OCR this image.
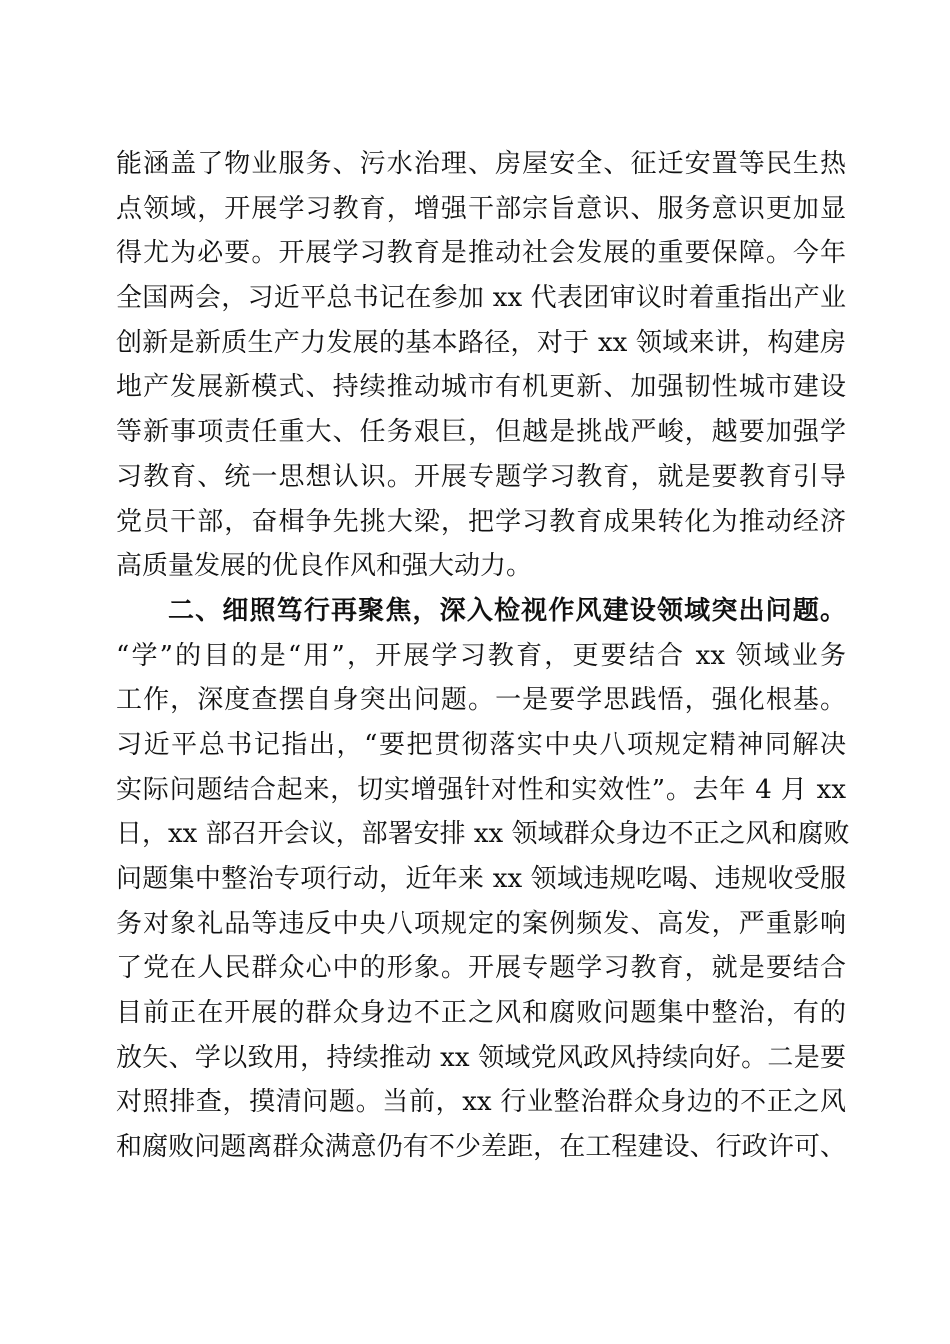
能涵盖了物业服务、污水治理、房屋安全、征迁安置等民生热
点领域，开展学习教育，增强干部宗旨意识、服务意识更加显
得尤为必要。开展学习教育是推动社会发展的重要保障。今年
全国两会，习近平总书记在参加 xx 代表团审议时着重指出产业
创新是新质生产力发展的基本路径，对于 xx 领域来讲，构建房
地产发展新模式、持续推动城市有机更新、加强韧性城市建设
等新事项责任重大、任务艰巨，但越是挑战严峻，越要加强学
习教育、统一思想认识。开展专题学习教育，就是要教育引导
党员干部，奋楫争先挑大梁，把学习教育成果转化为推动经济
高质量发展的优良作风和强大动力。
二、细照笃行再聚焦，深入检视作风建设领域突出问题。
“学”的目的是“用”，开展学习教育，更要结合 xx 领域业务
工作，深度查摆自身突出问题。一是要学思践悟，强化根基。
习近平总书记指出，“要把贯彻落实中央八项规定精神同解决
实际问题结合起来，切实增强针对性和实效性”。去年 4 月 xx
日，xx 部召开会议，部署安排 xx 领域群众身边不正之风和腐败
问题集中整治专项行动，近年来 xx 领域违规吃喝、违规收受服
务对象礼品等违反中央八项规定的案例频发、高发，严重影响
了党在人民群众心中的形象。开展专题学习教育，就是要结合
目前正在开展的群众身边不正之风和腐败问题集中整治，有的
放矢、学以致用，持续推动 xx 领域党风政风持续向好。二是要
对照排查，摸清问题。当前，xx 行业整治群众身边的不正之风
和腐败问题离群众满意仍有不少差距，在工程建设、行政许可、
